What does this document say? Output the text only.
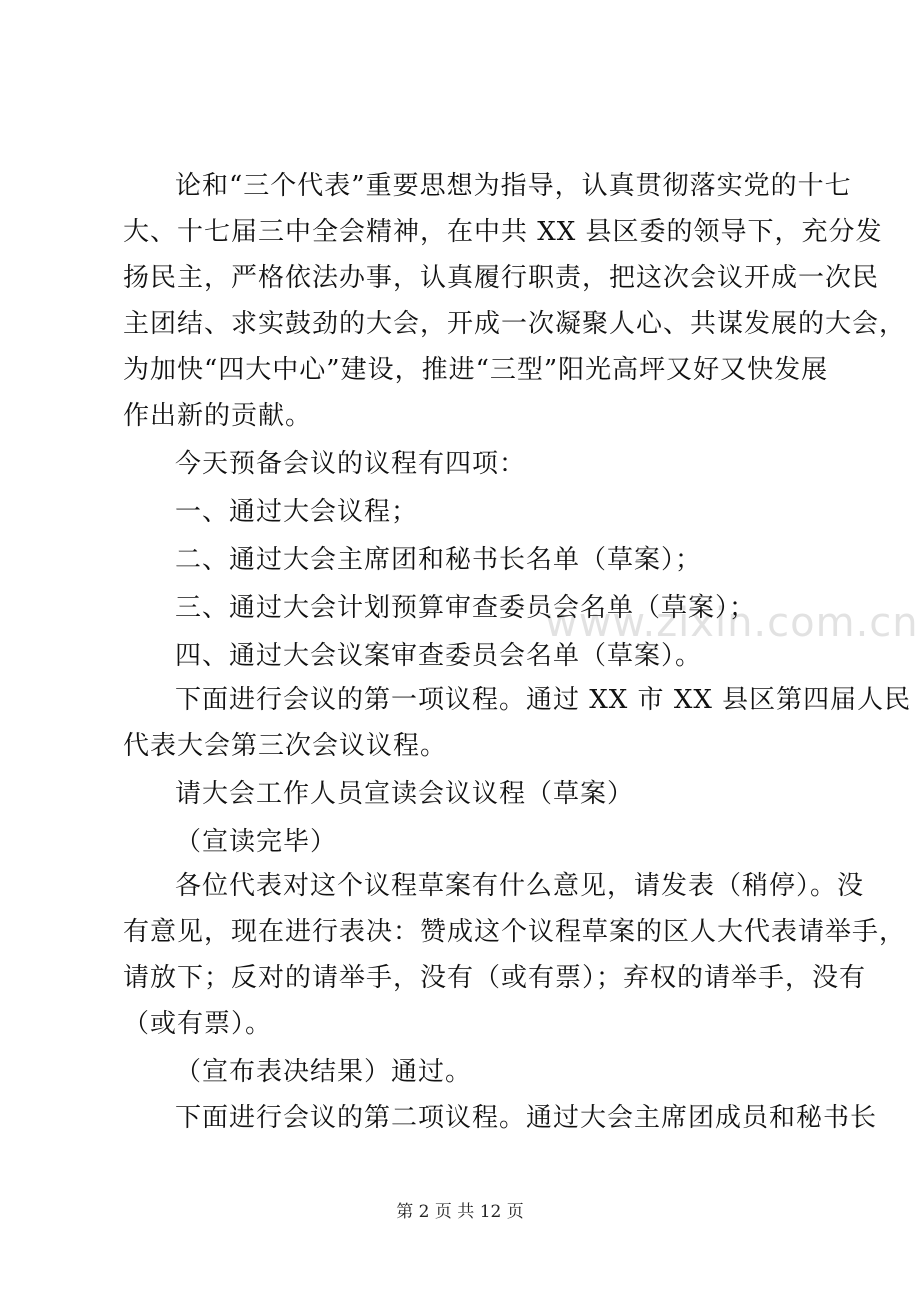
www.zixin.com.cn
论和“三个代表”重要思想为指导，认真贯彻落实党的十七
大、十七届三中全会精神，在中共 XX 县区委的领导下，充分发
扬民主，严格依法办事，认真履行职责，把这次会议开成一次民
主团结、求实鼓劲的大会，开成一次凝聚人心、共谋发展的大会，
为加快“四大中心”建设，推进“三型”阳光高坪又好又快发展
作出新的贡献。
今天预备会议的议程有四项：
一、通过大会议程；
二、通过大会主席团和秘书长名单（草案）；
三、通过大会计划预算审查委员会名单（草案）；
四、通过大会议案审查委员会名单（草案）。
下面进行会议的第一项议程。通过 XX 市 XX 县区第四届人民
代表大会第三次会议议程。
请大会工作人员宣读会议议程（草案）
（宣读完毕）
各位代表对这个议程草案有什么意见，请发表（稍停）。没
有意见，现在进行表决：赞成这个议程草案的区人大代表请举手，
请放下；反对的请举手，没有（或有票）；弃权的请举手，没有
（或有票）。
（宣布表决结果）通过。
下面进行会议的第二项议程。通过大会主席团成员和秘书长
第 2 页 共 12 页
